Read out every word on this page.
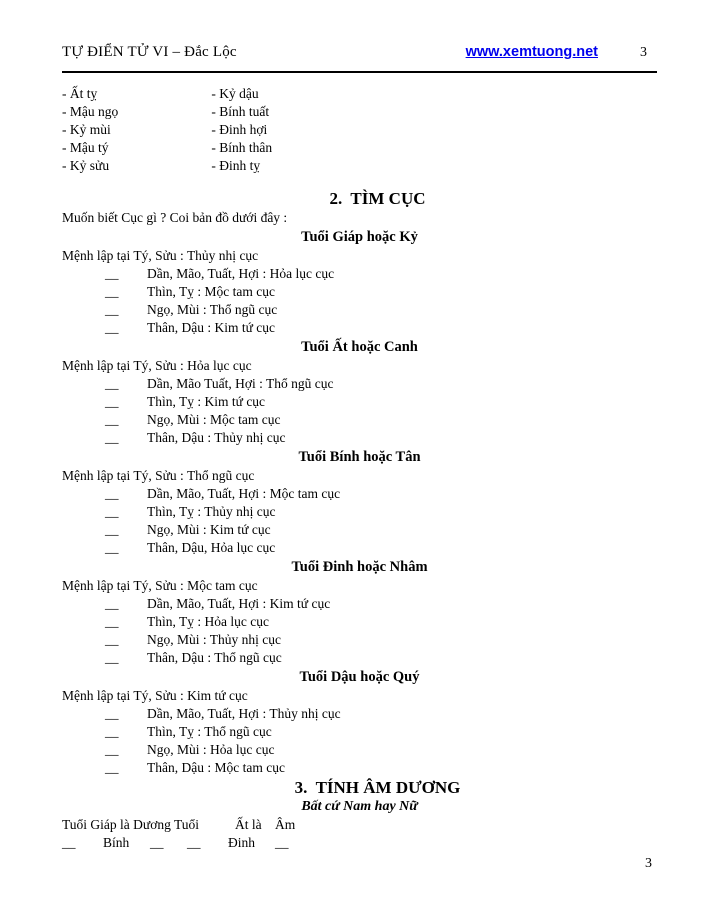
TỰ ĐIỂN TỬ VI – Đắc Lộc	www.xemtuong.net	3
- Ất tỵ	- Kỷ dậu
- Mậu ngọ	- Bính tuất
- Kỷ mùi	- Đinh hợi
- Mậu tý	- Bính thân
- Kỷ sửu	- Đinh tỵ
2.  TÌM CỤC
Muốn biết Cục gì ? Coi bản đồ dưới đây :
Tuổi Giáp hoặc Kỷ
Mệnh lập tại Tý, Sửu : Thủy nhị cục
__ Dần, Mão, Tuất, Hợi : Hỏa lục cục
__ Thìn, Tỵ : Mộc tam cục
__ Ngọ, Mùi : Thổ ngũ cục
__ Thân, Dậu : Kim tứ cục
Tuổi Ất hoặc Canh
Mệnh lập tại Tý, Sửu : Hỏa lục cục
__ Dần, Mão Tuất, Hợi : Thổ ngũ cục
__ Thìn, Tỵ : Kim tứ cục
__ Ngọ, Mùi : Mộc tam cục
__ Thân, Dậu : Thủy nhị cục
Tuổi Bính hoặc Tân
Mệnh lập tại Tý, Sửu : Thổ ngũ cục
__ Dần, Mão, Tuất, Hợi : Mộc tam cục
__ Thìn, Tỵ : Thủy nhị cục
__ Ngọ, Mùi : Kim tứ cục
__ Thân, Dậu, Hỏa lục cục
Tuổi Đinh hoặc Nhâm
Mệnh lập tại Tý, Sửu : Mộc tam cục
__ Dần, Mão, Tuất, Hợi : Kim tứ cục
__ Thìn, Tỵ : Hỏa lục cục
__ Ngọ, Mùi : Thủy nhị cục
__ Thân, Dậu : Thổ ngũ cục
Tuổi Dậu hoặc Quý
Mệnh lập tại Tý, Sửu : Kim tứ cục
__ Dần, Mão, Tuất, Hợi : Thủy nhị cục
__ Thìn, Tỵ : Thổ ngũ cục
__ Ngọ, Mùi : Hỏa lục cục
__ Thân, Dậu : Mộc tam cục
3.  TÍNH ÂM DƯƠNG
Bất cứ Nam hay Nữ
Tuổi Giáp là Dương Tuổi	Ất là Âm
__ Bính __ __ Đinh __
3
